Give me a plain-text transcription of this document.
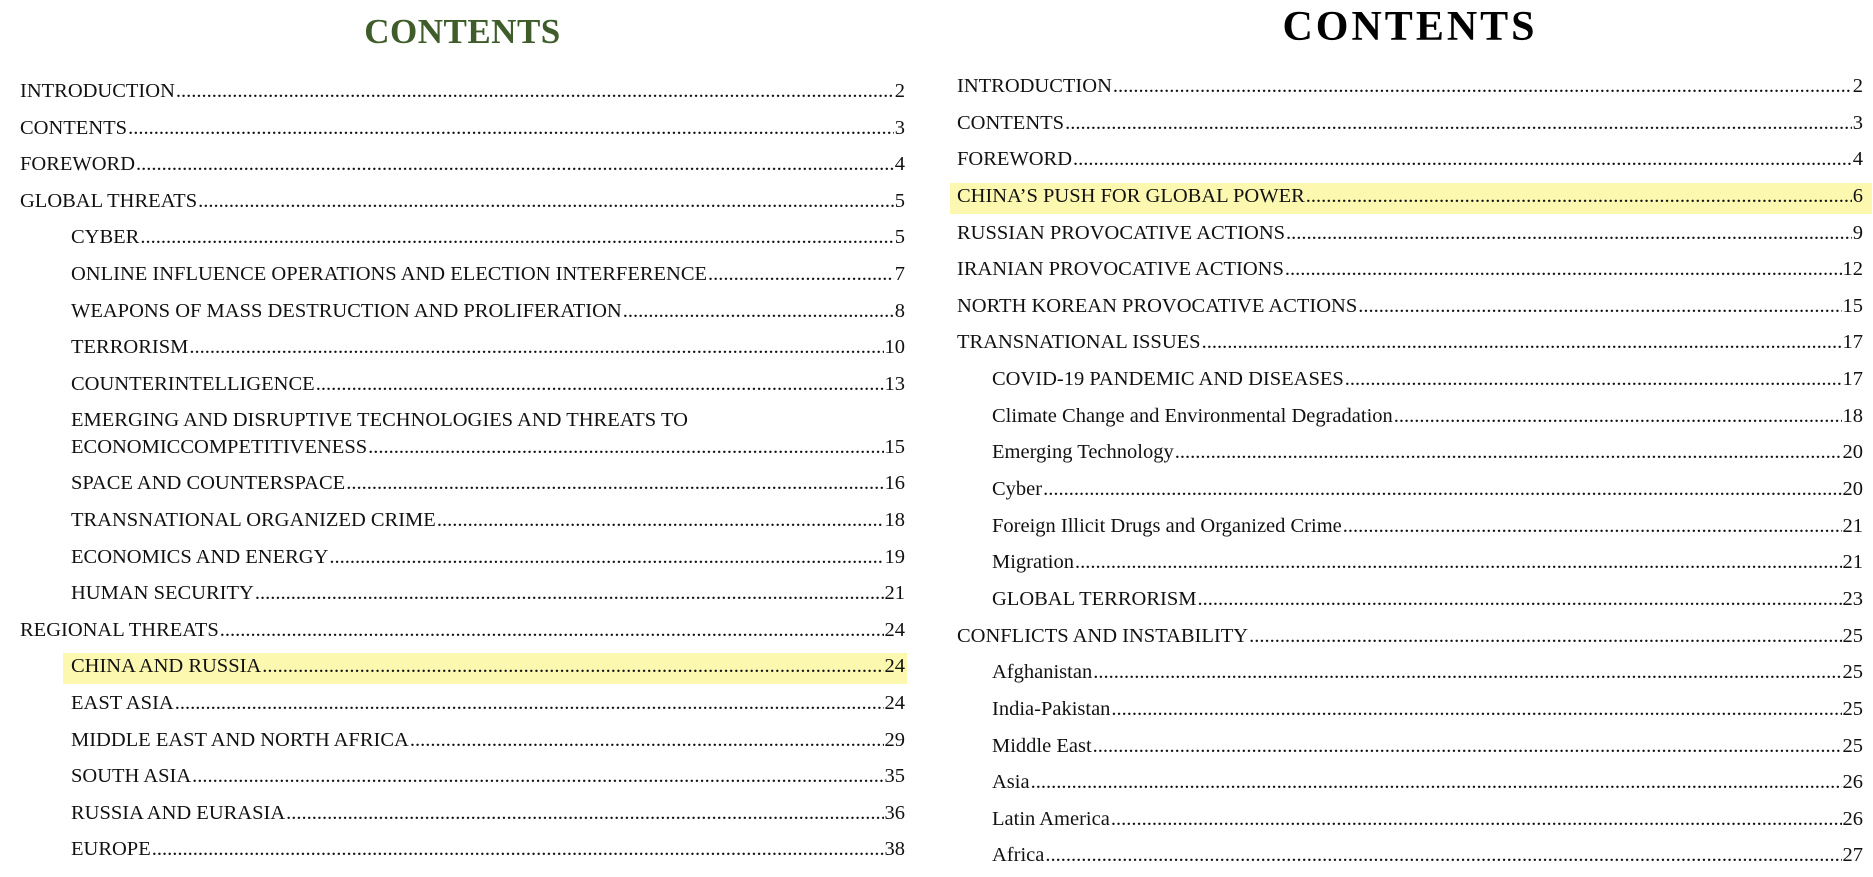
CONTENTS
INTRODUCTION .....	2
CONTENTS .....	3
FOREWORD .....	4
GLOBAL THREATS .....	5
CYBER .....	5
ONLINE INFLUENCE OPERATIONS AND ELECTION INTERFERENCE .....	7
WEAPONS OF MASS DESTRUCTION AND PROLIFERATION .....	8
TERRORISM .....	10
COUNTERINTELLIGENCE .....	13
EMERGING AND DISRUPTIVE TECHNOLOGIES AND THREATS TO
ECONOMICCOMPETITIVENESS .....	15
SPACE AND COUNTERSPACE .....	16
TRANSNATIONAL ORGANIZED CRIME .....	18
ECONOMICS AND ENERGY .....	19
HUMAN SECURITY .....	21
REGIONAL THREATS .....	24
CHINA AND RUSSIA .....	24
EAST ASIA .....	24
MIDDLE EAST AND NORTH AFRICA .....	29
SOUTH ASIA .....	35
RUSSIA AND EURASIA .....	36
EUROPE .....	38
CONTENTS
INTRODUCTION .....	2
CONTENTS .....	3
FOREWORD .....	4
CHINA’S PUSH FOR GLOBAL POWER .....	6
RUSSIAN PROVOCATIVE ACTIONS .....	9
IRANIAN PROVOCATIVE ACTIONS .....	12
NORTH KOREAN PROVOCATIVE ACTIONS .....	15
TRANSNATIONAL ISSUES .....	17
COVID-19 PANDEMIC AND DISEASES .....	17
Climate Change and Environmental Degradation .....	18
Emerging Technology .....	20
Cyber .....	20
Foreign Illicit Drugs and Organized Crime .....	21
Migration .....	21
GLOBAL TERRORISM .....	23
CONFLICTS AND INSTABILITY .....	25
Afghanistan .....	25
India-Pakistan .....	25
Middle East .....	25
Asia .....	26
Latin America .....	26
Africa .....	27
